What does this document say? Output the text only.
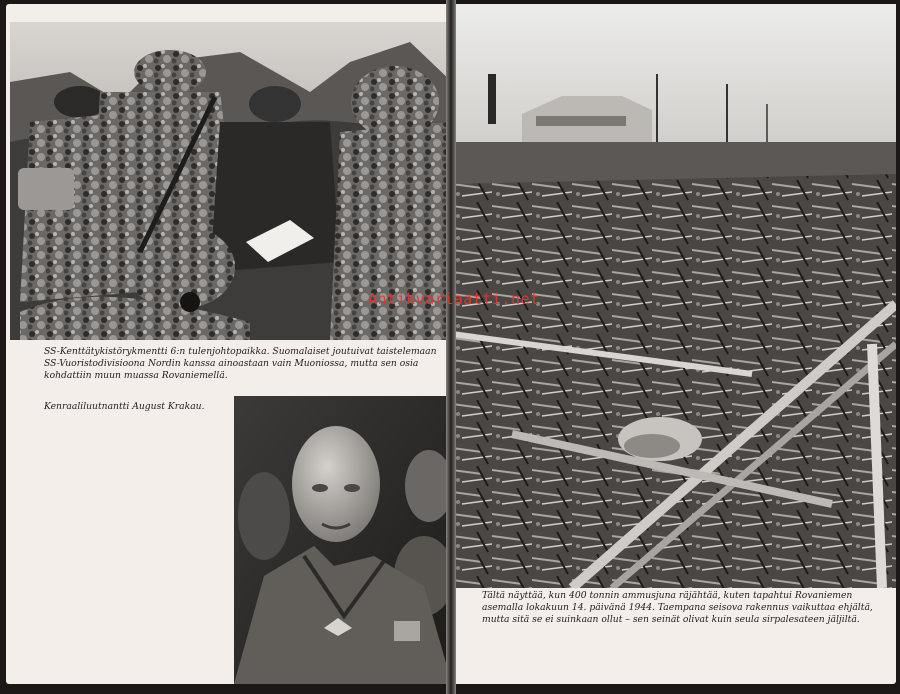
SS-Kenttätykistörykmentti 6:n tulenjohtopaikka. Suomalaiset joutuivat taistelemaan SS-Vuoristodivisioona Nordin kanssa ainoastaan vain Muoniossa, mutta sen osia kohdattiin muun muassa Rovaniemellä.

Kenraaliluutnantti August Krakau.

Tältä näyttää, kun 400 tonnin ammusjuna räjähtää, kuten tapahtui Rovaniemen asemalla lokakuun 14. päivänä 1944. Taempana seisova rakennus vaikuttaa ehjältä, mutta sitä se ei suinkaan ollut – sen seinät olivat kuin seula sirpalesateen jäljiltä.

Antikvariaatti.net
